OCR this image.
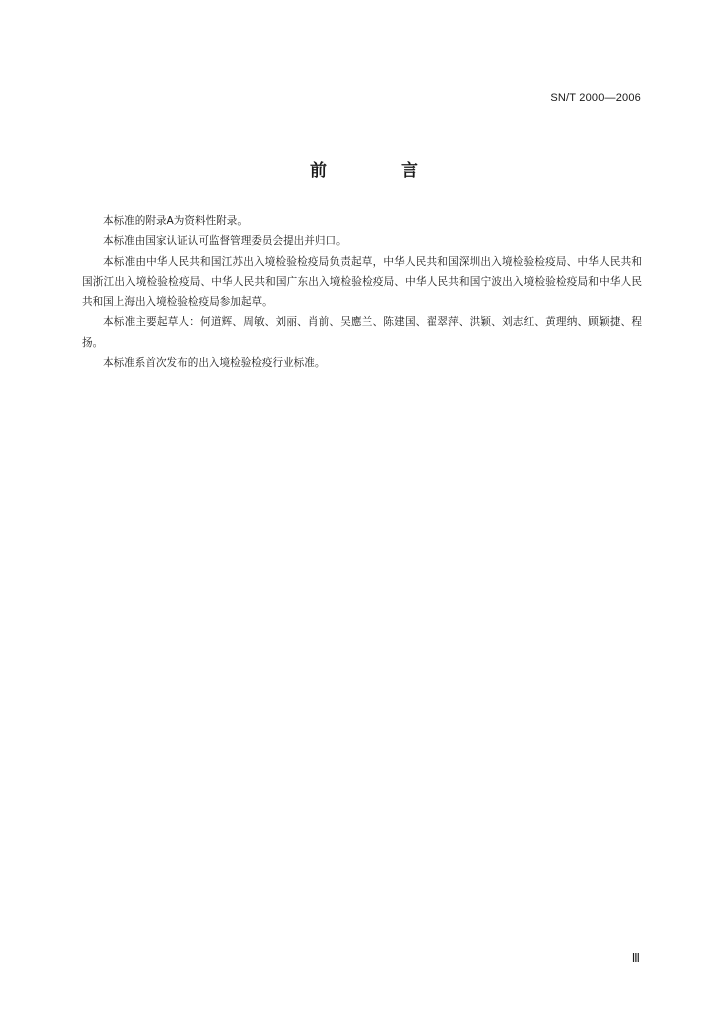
SN/T 2000—2006
前 言

本标准的附录A为资料性附录。

本标准由国家认证认可监督管理委员会提出并归口。

本标准由中华人民共和国江苏出入境检验检疫局负责起草，中华人民共和国深圳出入境检验检疫局、中华人民共和国浙江出入境检验检疫局、中华人民共和国广东出入境检验检疫局、中华人民共和国宁波出入境检验检疫局和中华人民共和国上海出入境检验检疫局参加起草。

本标准主要起草人：何道辉、周敏、刘丽、肖前、吴應兰、陈建国、翟翠萍、洪颖、刘志红、黄理纳、顾颖捷、程扬。

本标准系首次发布的出入境检验检疫行业标准。

Ⅲ
